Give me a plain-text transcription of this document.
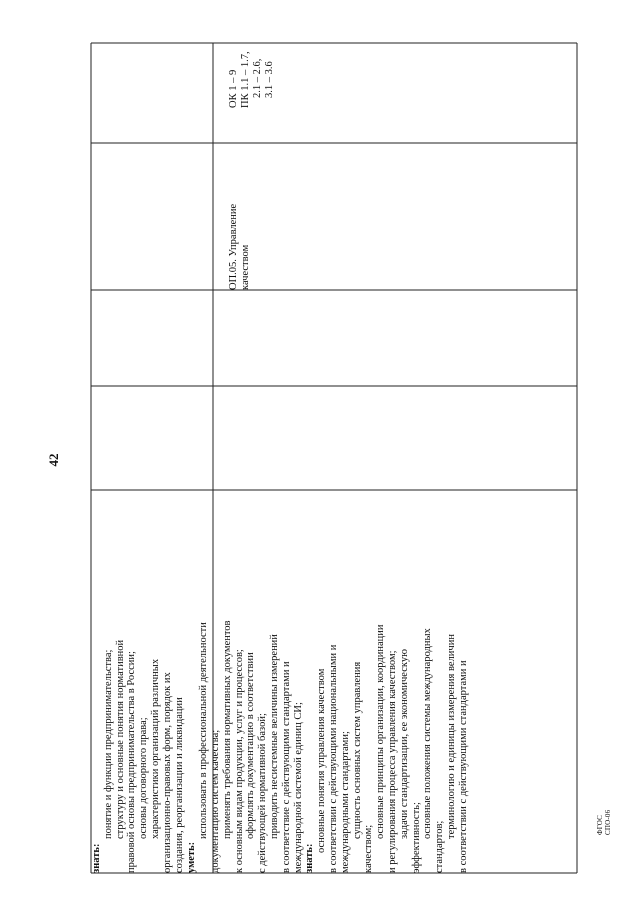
42
ФГОС СПО-06
знать:
понятие и функции предпринимательства; структуру и основные понятия нормативной правовой основы предпринимательства в России; основы договорного права; характеристики организаций различных организационно-правовых форм, порядок их создания, реорганизации и ликвидации уметь:
использовать в профессиональной деятельности документацию систем качества; применять требования нормативных документов к основным видам продукции, услуг и процессов; оформлять документацию в соответствии с действующей нормативной базой; приводить несистемные величины измерений в соответствие с действующими стандартами и международной системой единиц СИ; знать:
основные понятия управления качеством в соответствии с действующими национальными и международными стандартами; сущность основных систем управления
качеством;
основные принципы организации, координации и регулирования процесса управления качеством; задачи стандартизации, ее экономическую эффективность; основные положения системы международных
стандартов;
терминологию и единицы измерения величин в соответствии с действующими стандартами и
ОП.05. Управление качеством
ОК 1 – 9 ПК 1.1 – 1.7, 2.1 – 2.6, 3.1 – 3.6
